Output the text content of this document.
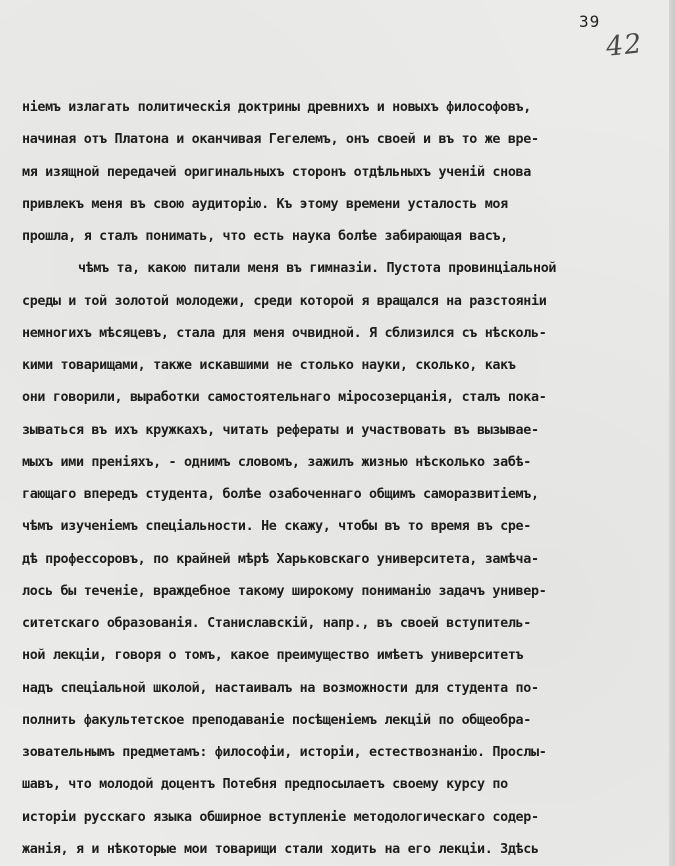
39
42
ніемъ излагать политическія доктрины древнихъ и новыхъ философовъ,
начиная отъ Платона и оканчивая Гегелемъ, онъ своей и въ то же вре-
мя изящной передачей оригинальныхъ сторонъ отдѣльныхъ ученій снова
привлекъ меня въ свою аудиторію. Къ этому времени усталость моя
прошла, я сталъ понимать, что есть наука болѣе забирающая васъ,
чѣмъ та, какою питали меня въ гимназіи. Пустота провинціальной
среды и той золотой молодежи, среди которой я вращался на разстояніи
немногихъ мѣсяцевъ, стала для меня очвидной. Я сблизился съ нѣсколь-
кими товарищами, также искавшими не столько науки, сколько, какъ
они говорили, выработки самостоятельнаго міросозерцанія, сталъ пока-
зываться въ ихъ кружкахъ, читать рефераты и участвовать въ вызывае-
мыхъ ими преніяхъ, - однимъ словомъ, зажилъ жизнью нѣсколько забѣ-
гающаго впередъ студента, болѣе озабоченнаго общимъ саморазвитіемъ,
чѣмъ изученіемъ спеціальности. Не скажу, чтобы въ то время въ сре-
дѣ профессоровъ, по крайней мѣрѣ Харьковскаго университета, замѣча-
лось бы теченіе, враждебное такому широкому пониманію задачъ универ-
ситетскаго образованія. Станиславскій, напр., въ своей вступитель-
ной лекціи, говоря о томъ, какое преимущество имѣетъ университетъ
надъ спеціальной школой, настаивалъ на возможности для студента по-
полнить факультетское преподаваніе посѣщеніемъ лекцій по общеобра-
зовательнымъ предметамъ: философіи, исторіи, естествознанію. Прослы-
шавъ, что молодой доцентъ Потебня предпосылаетъ своему курсу по
исторіи русскаго языка обширное вступленіе методологическаго содер-
жанія, я и нѣкоторые мои товарищи стали ходить на его лекціи. Здѣсь
